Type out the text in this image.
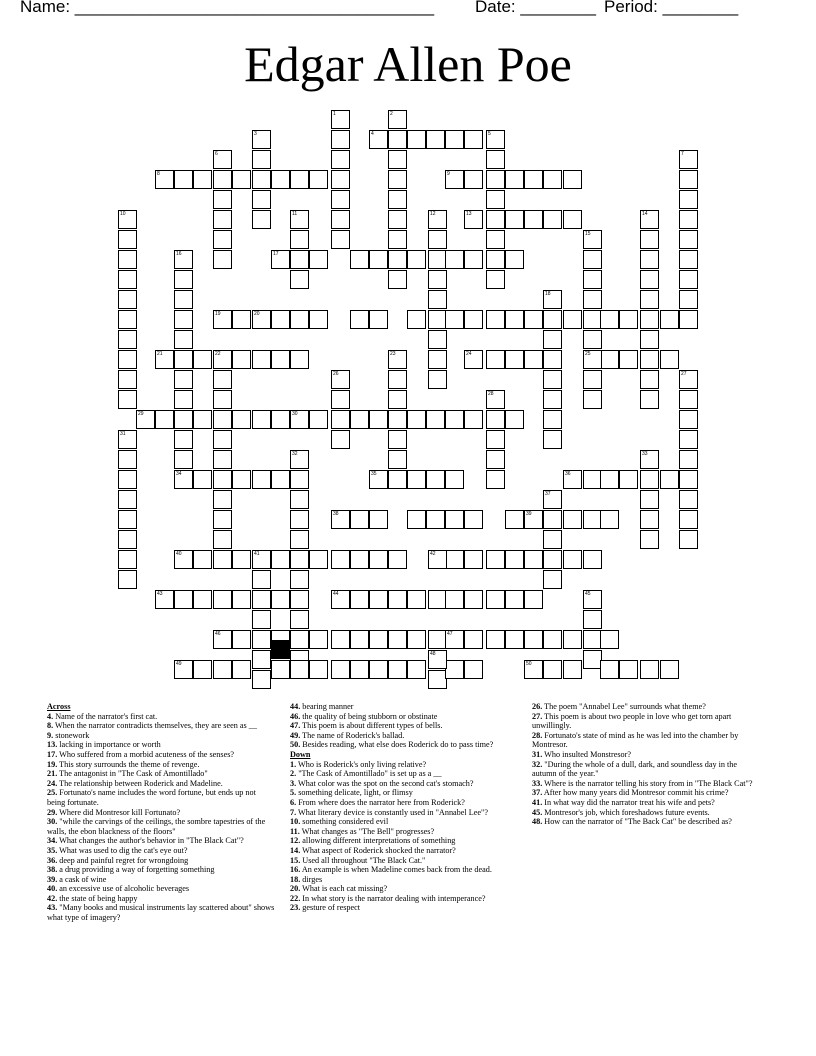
Name: ______________________________________ Date: ________ Period: ________
Edgar Allen Poe
1	2
3	4	5
6	7
8	9
10	11	12	13	14
15
16	17
18
19	20
21	22	23	24	25
26	27
28
29	30
31
32	33
34	35	36
37
38	39
40	41	42
43	44	45
46	47
48
49	50
Across
4. Name of the narrator's first cat.
8. When the narrator contradicts themselves, they are seen as __
9. stonework
13. lacking in importance or worth
17. Who suffered from a morbid acuteness of the senses?
19. This story surrounds the theme of revenge.
21. The antagonist in "The Cask of Amontillado"
24. The relationship between Roderick and Madeline.
25. Fortunato's name includes the word fortune, but ends up not being fortunate.
29. Where did Montresor kill Fortunato?
30. "while the carvings of the ceilings, the sombre tapestries of the walls, the ebon blackness of the floors"
34. What changes the author's behavior in "The Black Cat"?
35. What was used to dig the cat's eye out?
36. deep and painful regret for wrongdoing
38. a drug providing a way of forgetting something
39. a cask of wine
40. an excessive use of alcoholic beverages
42. the state of being happy
43. "Many books and musical instruments lay scattered about" shows what type of imagery?
44. bearing manner
46. the quality of being stubborn or obstinate
47. This poem is about different types of bells.
49. The name of Roderick's ballad.
50. Besides reading, what else does Roderick do to pass time?
Down
1. Who is Roderick's only living relative?
2. "The Cask of Amontillado" is set up as a __
3. What color was the spot on the second cat's stomach?
5. something delicate, light, or flimsy
6. From where does the narrator here from Roderick?
7. What literary device is constantly used in "Annabel Lee"?
10. something considered evil
11. What changes as "The Bell" progresses?
12. allowing different interpretations of something
14. What aspect of Roderick shocked the narrator?
15. Used all throughout "The Black Cat."
16. An example is when Madeline comes back from the dead.
18. dirges
20. What is each cat missing?
22. In what story is the narrator dealing with intemperance?
23. gesture of respect
26. The poem "Annabel Lee" surrounds what theme?
27. This poem is about two people in love who get torn apart unwillingly.
28. Fortunato's state of mind as he was led into the chamber by Montresor.
31. Who insulted Monstresor?
32. "During the whole of a dull, dark, and soundless day in the autumn of the year."
33. Where is the narrator telling his story from in "The Black Cat"?
37. After how many years did Montresor commit his crime?
41. In what way did the narrator treat his wife and pets?
45. Montresor's job, which foreshadows future events.
48. How can the narrator of "The Back Cat" be described as?
